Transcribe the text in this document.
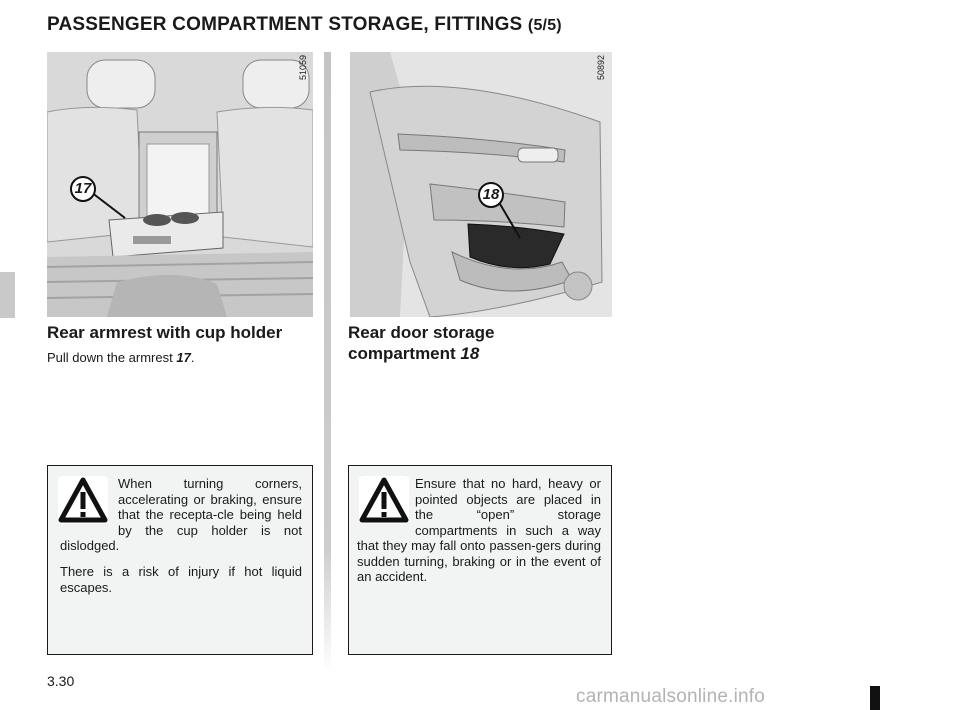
PASSENGER COMPARTMENT STORAGE, FITTINGS (5/5)
51059
17
50892
18
Rear armrest with cup holder
Pull down the armrest 17.
Rear door storage
compartment 18

When turning corners, accelerating or braking, ensure that the recepta-cle being held by the cup holder is not dislodged.

There is a risk of injury if hot liquid escapes.

Ensure that no hard, heavy or pointed objects are placed in the “open” storage compartments in such a way that they may fall onto passen-gers during sudden turning, braking or in the event of an accident.

3.30
carmanualsonline.info
